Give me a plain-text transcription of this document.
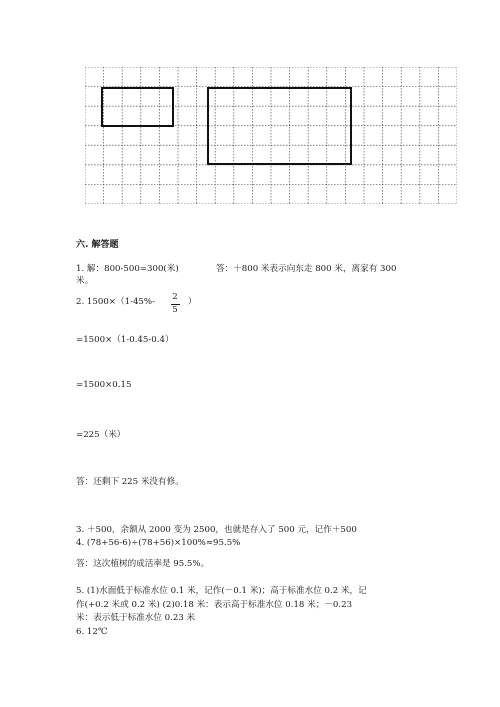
六. 解答题
1. 解：800-500=300(米)	答：＋800 米表示向东走 800 米，离家有 300
米。
2. 1500×（1-45%- 2
5
）
=1500×（1-0.45-0.4）
=1500×0.15
=225（米）
答：还剩下 225 米没有修。
3. ＋500，余额从 2000 变为 2500，也就是存入了 500 元，记作＋500
4. (78+56-6)÷(78+56)×100%≈95.5%
答：这次植树的成活率是 95.5%。
5. (1)水面低于标准水位 0.1 米，记作(－0.1 米)；高于标准水位 0.2 米，记
作(+0.2 米或 0.2 米) (2)0.18 米：表示高于标准水位 0.18 米；－0.23
米：表示低于标准水位 0.23 米
6. 12℃
